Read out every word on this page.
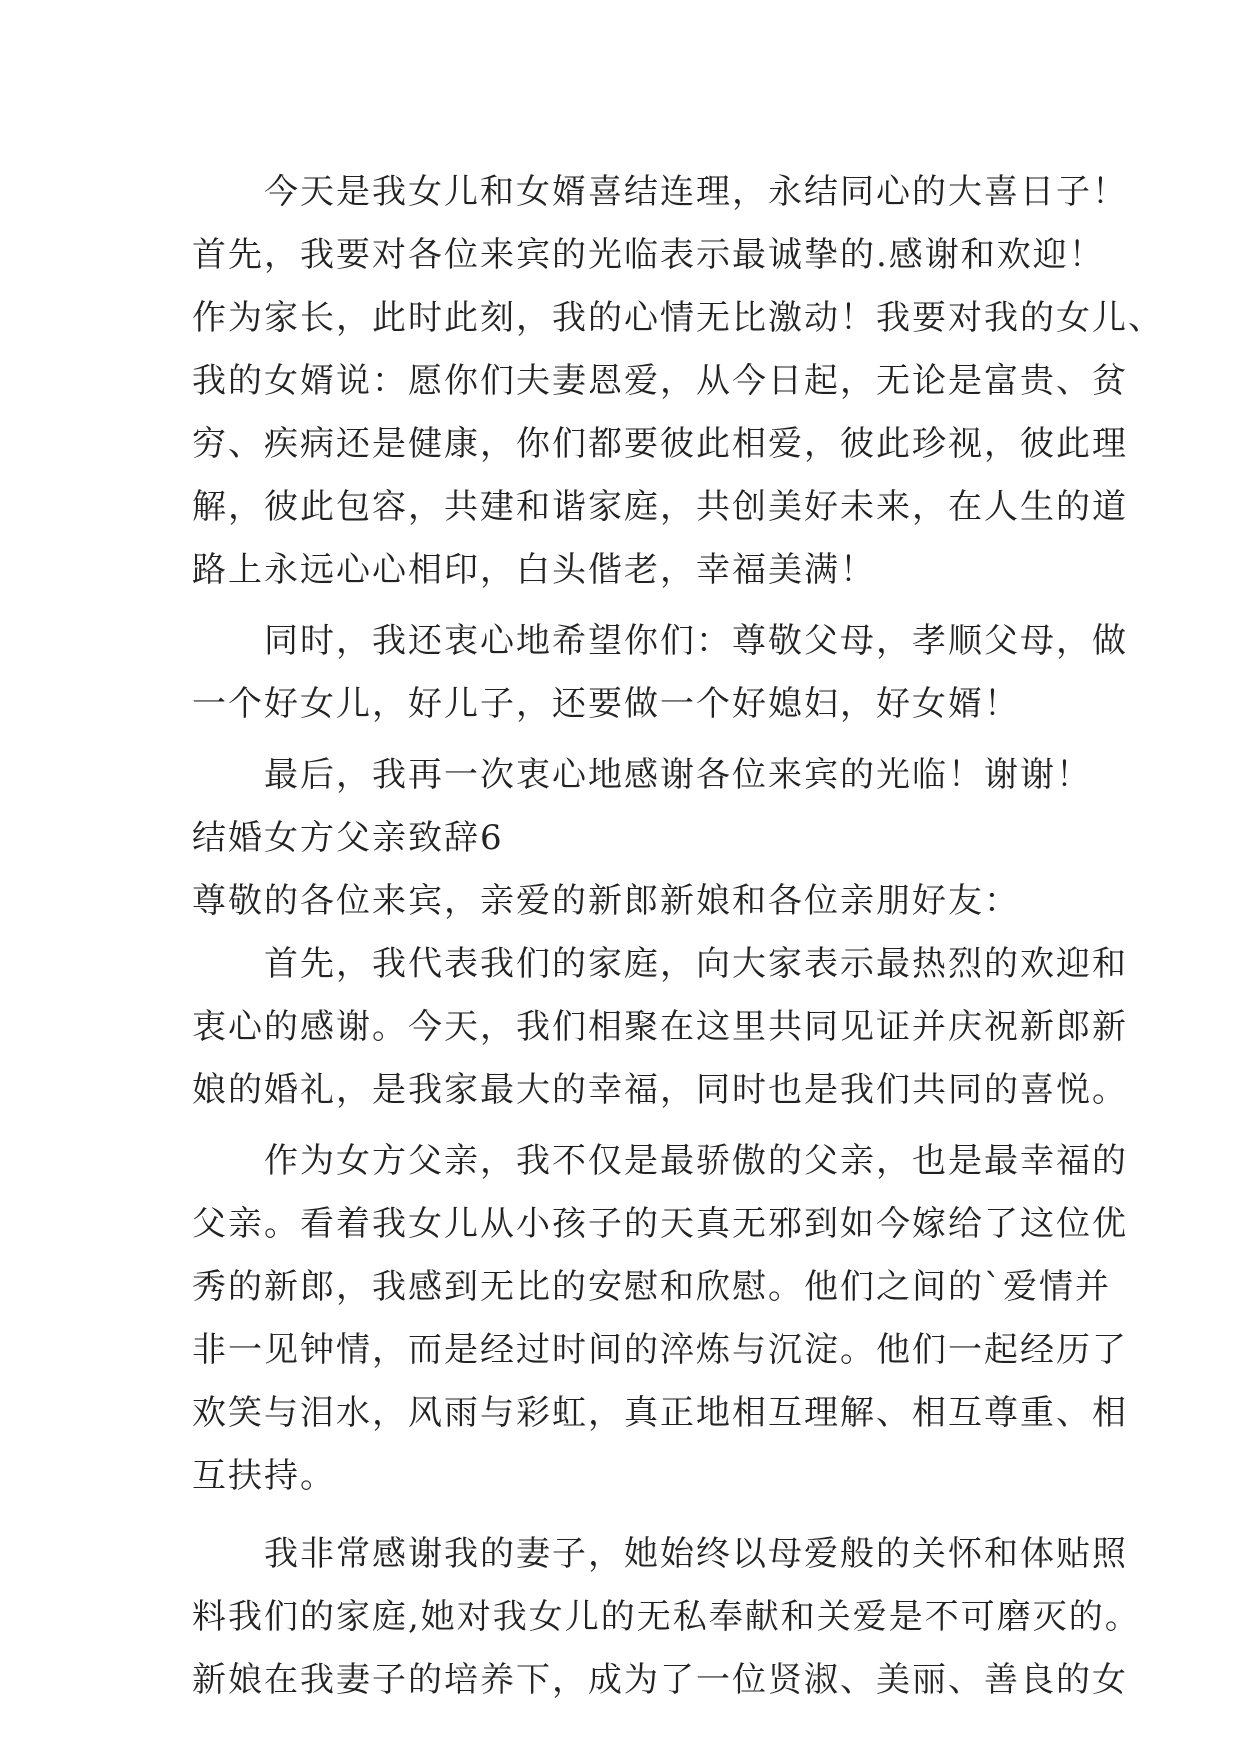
今天是我女儿和女婿喜结连理，永结同心的大喜日子！
首先，我要对各位来宾的光临表示最诚挚的.感谢和欢迎！
作为家长，此时此刻，我的心情无比激动！我要对我的女儿、
我的女婿说：愿你们夫妻恩爱，从今日起，无论是富贵、贫
穷、疾病还是健康，你们都要彼此相爱，彼此珍视，彼此理
解，彼此包容，共建和谐家庭，共创美好未来，在人生的道
路上永远心心相印，白头偕老，幸福美满！
同时，我还衷心地希望你们：尊敬父母，孝顺父母，做
一个好女儿，好儿子，还要做一个好媳妇，好女婿！
最后，我再一次衷心地感谢各位来宾的光临！谢谢！
结婚女方父亲致辞6
尊敬的各位来宾，亲爱的新郎新娘和各位亲朋好友：
首先，我代表我们的家庭，向大家表示最热烈的欢迎和
衷心的感谢。今天，我们相聚在这里共同见证并庆祝新郎新
娘的婚礼，是我家最大的幸福，同时也是我们共同的喜悦。
作为女方父亲，我不仅是最骄傲的父亲，也是最幸福的
父亲。看着我女儿从小孩子的天真无邪到如今嫁给了这位优
秀的新郎，我感到无比的安慰和欣慰。他们之间的`爱情并
非一见钟情，而是经过时间的淬炼与沉淀。他们一起经历了
欢笑与泪水，风雨与彩虹，真正地相互理解、相互尊重、相
互扶持。
我非常感谢我的妻子，她始终以母爱般的关怀和体贴照
料我们的家庭,她对我女儿的无私奉献和关爱是不可磨灭的。
新娘在我妻子的培养下，成为了一位贤淑、美丽、善良的女
